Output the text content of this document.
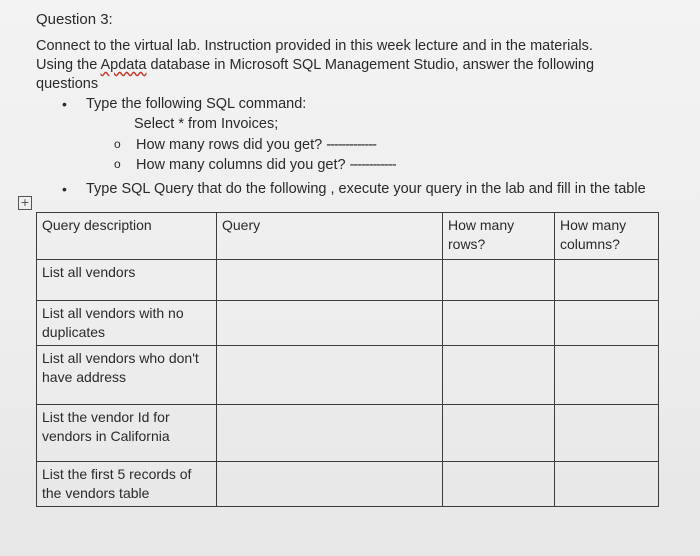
Question 3:
Connect to the virtual lab. Instruction provided in this week lecture and in the materials.
Using the Apdata database in Microsoft SQL Management Studio, answer the following
questions
• Type the following SQL command:
Select * from Invoices;
o How many rows did you get? -------------
o How many columns did you get? ------------
• Type SQL Query that do the following , execute your query in the lab and fill in the table
+
Query description	Query	How many rows?	How many columns?
List all vendors			
List all vendors with no duplicates			
List all vendors who don't have address			
List the vendor Id for vendors in California			
List the first 5 records of the vendors table			
